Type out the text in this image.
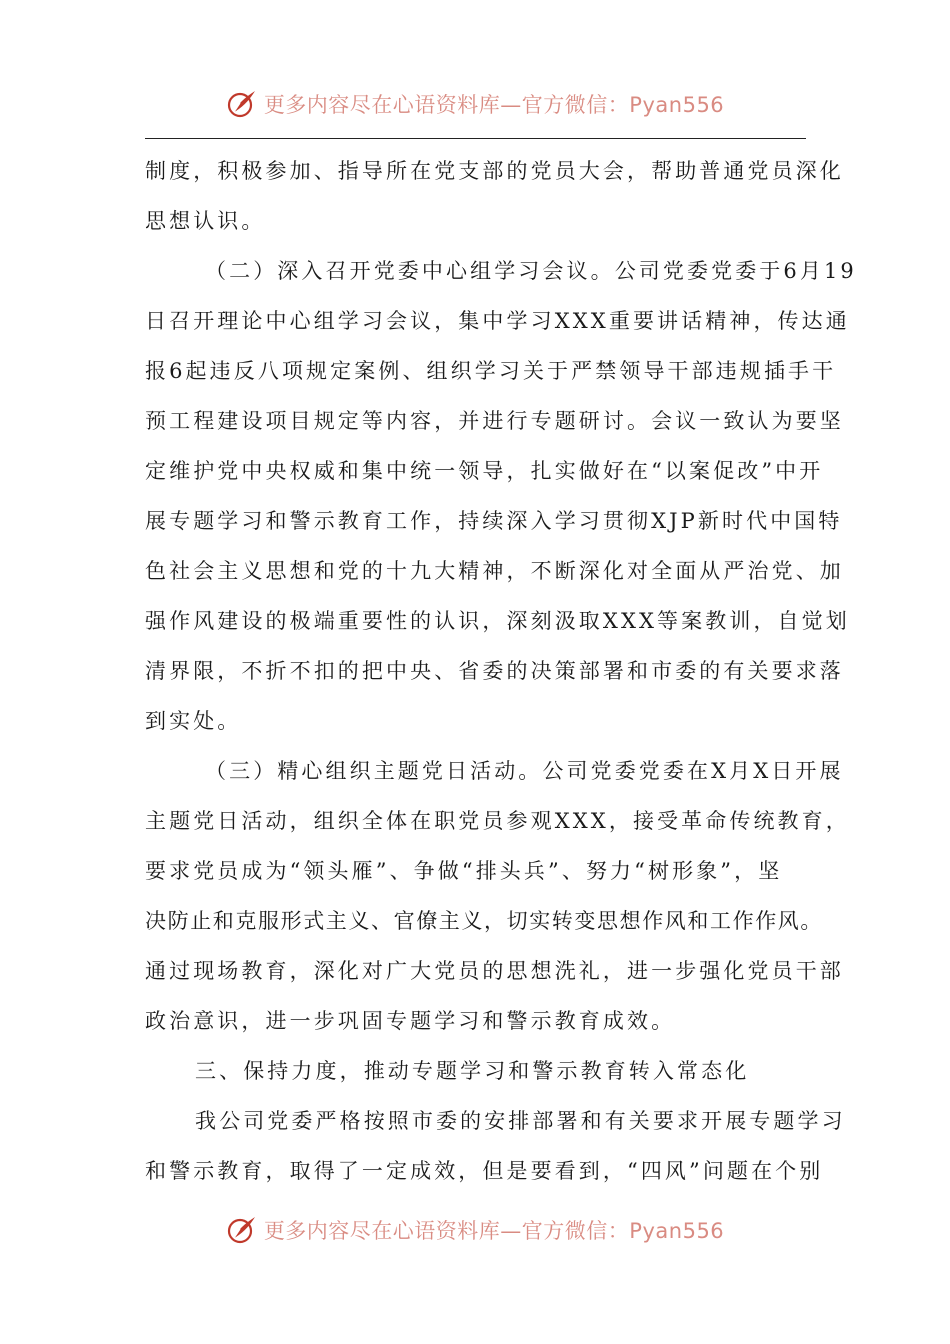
更多内容尽在心语资料库—官方微信：Pyan556

制度，积极参加、指导所在党支部的党员大会，帮助普通党员深化
思想认识。

（二）深入召开党委中心组学习会议。公司党委党委于6月19
日召开理论中心组学习会议，集中学习XXX重要讲话精神，传达通
报6起违反八项规定案例、组织学习关于严禁领导干部违规插手干
预工程建设项目规定等内容，并进行专题研讨。会议一致认为要坚
定维护党中央权威和集中统一领导，扎实做好在“以案促改”中开
展专题学习和警示教育工作，持续深入学习贯彻XJP新时代中国特
色社会主义思想和党的十九大精神，不断深化对全面从严治党、加
强作风建设的极端重要性的认识，深刻汲取XXX等案教训，自觉划
清界限，不折不扣的把中央、省委的决策部署和市委的有关要求落
到实处。

（三）精心组织主题党日活动。公司党委党委在X月X日开展
主题党日活动，组织全体在职党员参观XXX，接受革命传统教育，
要求党员成为“领头雁”、争做“排头兵”、努力“树形象”，坚
决防止和克服形式主义、官僚主义，切实转变思想作风和工作作风。
通过现场教育，深化对广大党员的思想洗礼，进一步强化党员干部
政治意识，进一步巩固专题学习和警示教育成效。

三、保持力度，推动专题学习和警示教育转入常态化

我公司党委严格按照市委的安排部署和有关要求开展专题学习
和警示教育，取得了一定成效，但是要看到，“四风”问题在个别

更多内容尽在心语资料库—官方微信：Pyan556
